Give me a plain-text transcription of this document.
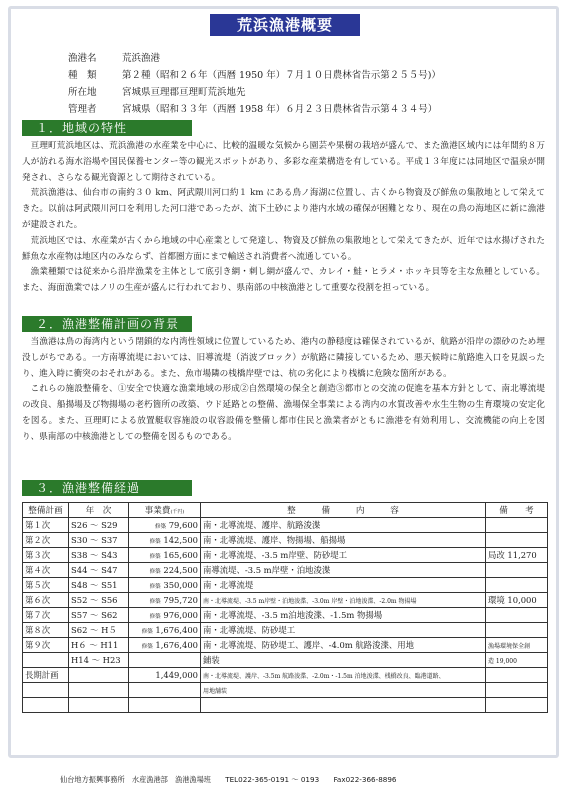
荒浜漁港概要
漁港名	荒浜漁港
種　類	第２種（昭和２６年（西暦 1950 年）７月１０日農林省告示第２５５号)）
所在地	宮城県亘理郡亘理町荒浜地先
管理者	宮城県（昭和３３年（西暦 1958 年）６月２３日農林省告示第４３４号）
１．地域の特性
亘理町荒浜地区は、荒浜漁港の水産業を中心に、比較的温暖な気候から園芸や果樹の栽培が盛んで、また漁港区域内には年間約８万人が訪れる海水浴場や国民保養センター等の観光スポットがあり、多彩な産業構造を有している。平成１３年度には同地区で温泉が開発され、さらなる観光資源として期待されている。
荒浜漁港は、仙台市の南約３０ km、阿武隈川河口約１ km にある鳥ノ海湖に位置し、古くから物資及び鮮魚の集散地として栄えてきた。以前は阿武隈川河口を利用した河口港であったが、流下土砂により港内水域の確保が困難となり、現在の鳥の海地区に新に漁港が建設された。
荒浜地区では、水産業が古くから地域の中心産業として発達し、物資及び鮮魚の集散地として栄えてきたが、近年では水揚げされた鮮魚な水産物は地区内のみならず、首都圏方面にまで輸送され消費者へ流通している。
漁業種類では従来から沿岸漁業を主体として底引き網・刺し網が盛んで、カレイ・鮭・ヒラメ・ホッキ貝等を主な魚種としている。また、海面漁業ではノリの生産が盛んに行われており、県南部の中核漁港として重要な役割を担っている。
２．漁港整備計画の背景
当漁港は鳥の海湾内という閉鎖的な内湾性領域に位置しているため、港内の静穏度は確保されているが、航路が沿岸の漂砂のため埋没しがちである。一方南導流堤においては、旧導流堤（消波ブロック）が航路に隣接しているため、悪天候時に航路進入口を見誤ったり、進入時に衝突のおそれがある。また、魚市場隣の桟橋岸壁では、杭の劣化により桟橋に危険な箇所がある。
これらの施設整備を、①安全で快適な漁業地域の形成②自然環境の保全と創造③都市との交流の促進を基本方針として、南北導流堤の改良、船揚場及び物揚場の老朽箇所の改築、ウド延路との整備、漁場保全事業による湾内の水質改善や水生生物の生育環境の安定化を図る。また、亘理町による放置艇収容施設の収容設備を整備し都市住民と漁業者がともに漁港を有効利用し、交流機能の向上を図り、県南部の中核漁港としての整備を図るものである。
３．漁港整備経過
整備計画	年　次	事業費(千円)	整　　　備　　　内　　　容	備　　考
第１次	S26 ～ S29	修築 79,600	南・北導流堤、護岸、航路浚渫	
第２次	S30 ～ S37	修築 142,500	南・北導流堤、護岸、物揚場、船揚場	
第３次	S38 ～ S43	修築 165,600	南・北導流堤、-3.5 m岸壁、防砂堤工	局改 11,270
第４次	S44 ～ S47	修築 224,500	南導流堤、-3.5 m岸壁・泊地浚渫	
第５次	S48 ～ S51	修築 350,000	南・北導流堤	
第６次	S52 ～ S56	修築 795,720	南・北導流堤、-3.5 m岸壁・泊地浚渫、-3.0m 岸壁・泊地浚渫、-2.0m 物揚場	環境 10,000
第７次	S57 ～ S62	修築 976,000	南・北導流堤、-3.5 m泊地浚渫、-1.5m 物揚場	
第８次	S62 ～ H５	修築 1,676,400	南・北導流堤、防砂堤工	
第９次	H６ ～ H11	修築 1,676,400	南・北導流堤、防砂堤工、護岸、-4.0m 航路浚渫、用地	漁場環境保全創
	H14 ～ H23		鋪装	造 19,000
長期計画		1,449,000	南・北導流堤、護岸、-3.5m 航路浚渫、-2.0m・-1.5m 泊地浚渫、桟橋改良、臨港道路、	
			用地舗装	

仙台地方振興事務所　水産漁港部　漁港漁場班 TEL022-365-0191 ～ 0193 Fax022-366-8896
